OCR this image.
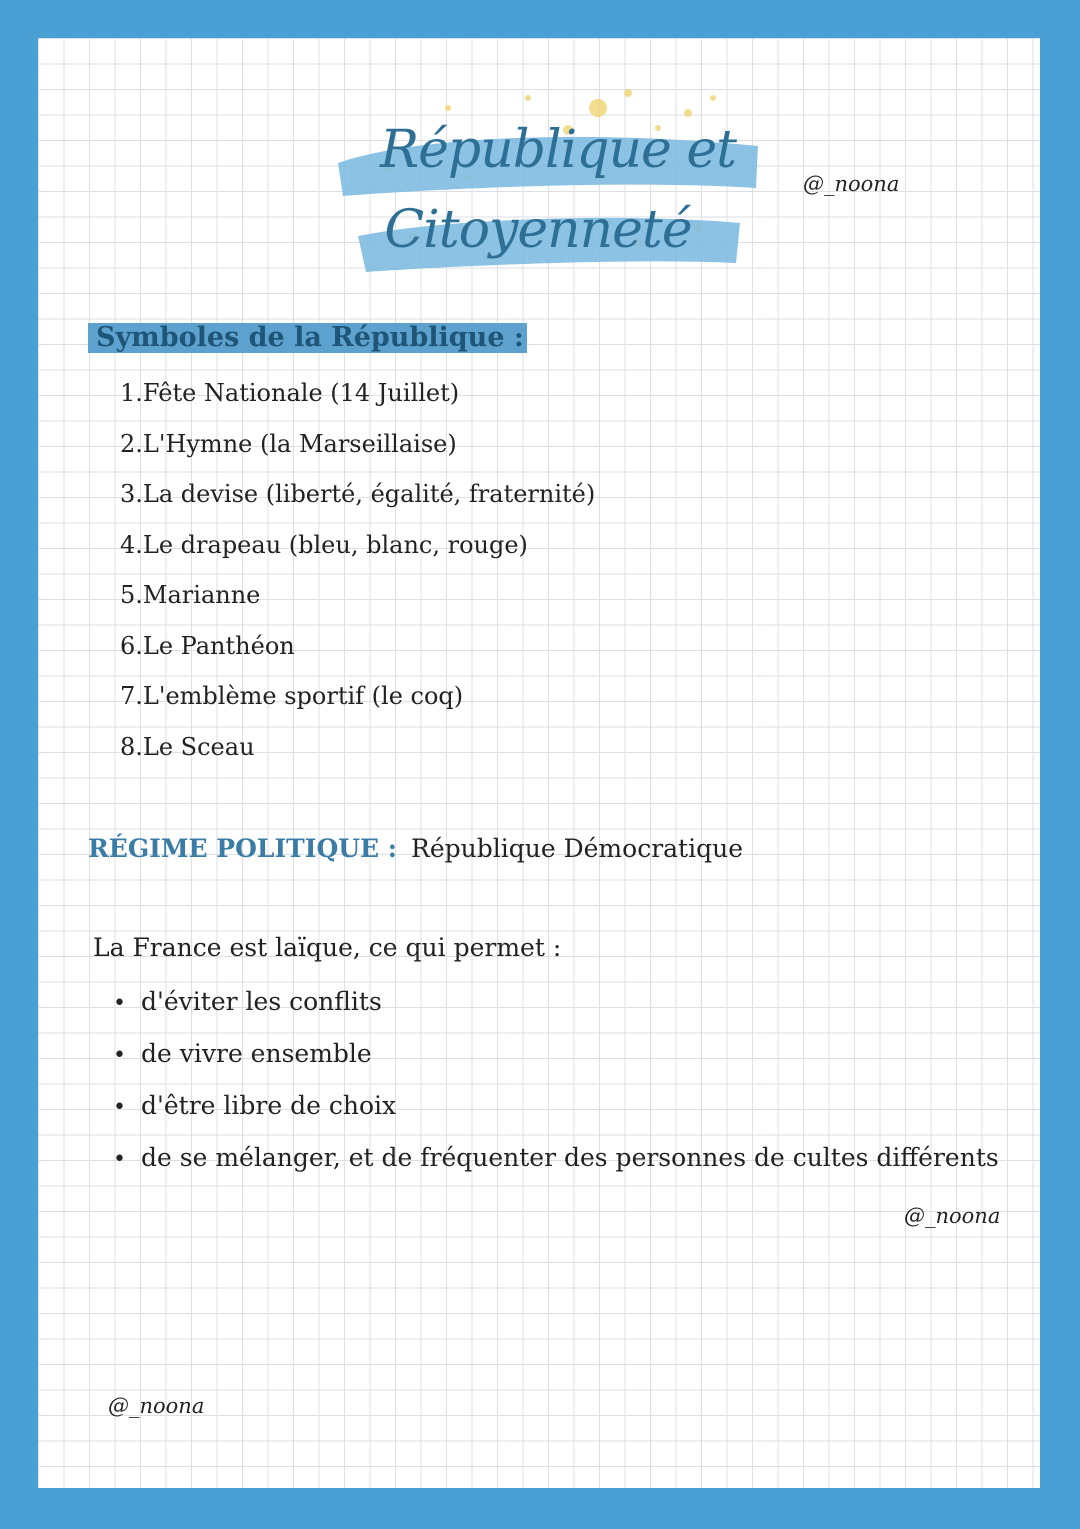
République et
Citoyenneté
@_noona
Symboles de la République :
1.Fête Nationale (14 Juillet)
2.L'Hymne (la Marseillaise)
3.La devise (liberté, égalité, fraternité)
4.Le drapeau (bleu, blanc, rouge)
5.Marianne
6.Le Panthéon
7.L'emblème sportif (le coq)
8.Le Sceau
RÉGIME POLITIQUE : République Démocratique
La France est laïque, ce qui permet :
• d'éviter les conflits
• de vivre ensemble
• d'être libre de choix
• de se mélanger, et de fréquenter des personnes de cultes différents
@_noona
@_noona
